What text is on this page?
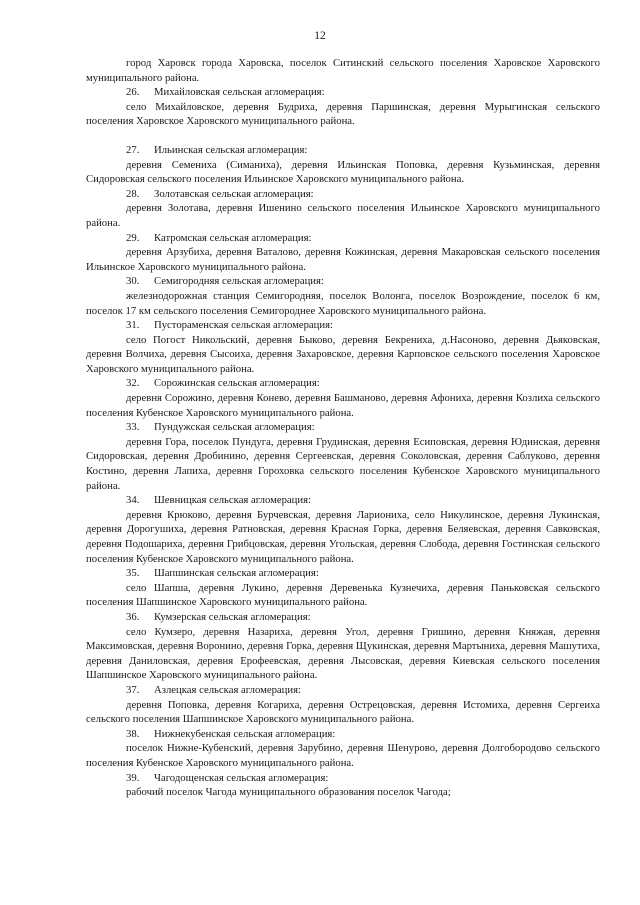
12

город Харовск города Харовска, поселок Ситинский сельского поселения Харовское Харовского муниципального района.

26. Михайловская сельская агломерация:

село Михайловское, деревня Будриха, деревня Паршинская, деревня Мурыгинская сельского поселения Харовское Харовского муниципального района.

27. Ильинская сельская агломерация:

деревня Семениха (Симаниха), деревня Ильинская Поповка, деревня Кузьминская, деревня Сидоровская сельского поселения Ильинское Харовского муниципального района.

28. Золотавская сельская агломерация:

деревня Золотава, деревня Ишенино сельского поселения Ильинское Харовского муниципального района.

29. Катромская сельская агломерация:

деревня Арзубиха, деревня Ваталово, деревня Кожинская, деревня Макаровская сельского поселения Ильинское Харовского муниципального района.

30. Семигородняя сельская агломерация:

железнодорожная станция Семигородняя, поселок Волонга, поселок Возрождение, поселок 6 км, поселок 17 км сельского поселения Семигороднее Харовского муниципального района.

31. Пустораменская сельская агломерация:

село Погост Никольский, деревня Быково, деревня Бекрениха, д.Насоново, деревня Дьяковская, деревня Волчиха, деревня Сысоиха, деревня Захаровское, деревня Карповское сельского поселения Харовское Харовского муниципального района.

32. Сорожинская сельская агломерация:

деревня Сорожино, деревня Конево, деревня Башманово, деревня Афониха, деревня Козлиха сельского поселения Кубенское Харовского муниципального района.

33. Пундужская сельская агломерация:

деревня Гора, поселок Пундуга, деревня Грудинская, деревня Есиповская, деревня Юдинская, деревня Сидоровская, деревня Дробинино, деревня Сергеевская, деревня Соколовская, деревня Саблуково, деревня Костино, деревня Лапиха, деревня Гороховка сельского поселения Кубенское Харовского муниципального района.

34. Шевницкая сельская агломерация:

деревня Крюково, деревня Бурчевская, деревня Лариониха, село Никулинское, деревня Лукинская, деревня Дорогушиха, деревня Ратновская, деревня Красная Горка, деревня Беляевская, деревня Савковская, деревня Подошариха, деревня Грибцовская, деревня Угольская, деревня Слобода, деревня Гостинская сельского поселения Кубенское Харовского муниципального района.

35. Шапшинская сельская агломерация:

село Шапша, деревня Лукино, деревня Деревенька Кузнечиха, деревня Паньковская сельского поселения Шапшинское Харовского муниципального района.

36. Кумзерская сельская агломерация:

село Кумзеро, деревня Назариха, деревня Угол, деревня Гришино, деревня Княжая, деревня Максимовская, деревня Воронино, деревня Горка, деревня Щукинская, деревня Мартыниха, деревня Машутиха, деревня Даниловская, деревня Ерофеевская, деревня Лысовская, деревня Киевская сельского поселения Шапшинское Харовского муниципального района.

37. Азлецкая сельская агломерация:

деревня Поповка, деревня Когариха, деревня Острецовская, деревня Истомиха, деревня Сергеиха сельского поселения Шапшинское Харовского муниципального района.

38. Нижнекубенская сельская агломерация:

поселок Нижне-Кубенский, деревня Зарубино, деревня Шенурово, деревня Долгобородово сельского поселения Кубенское Харовского муниципального района.

39. Чагодощенская сельская агломерация:

рабочий поселок Чагода муниципального образования поселок Чагода;
